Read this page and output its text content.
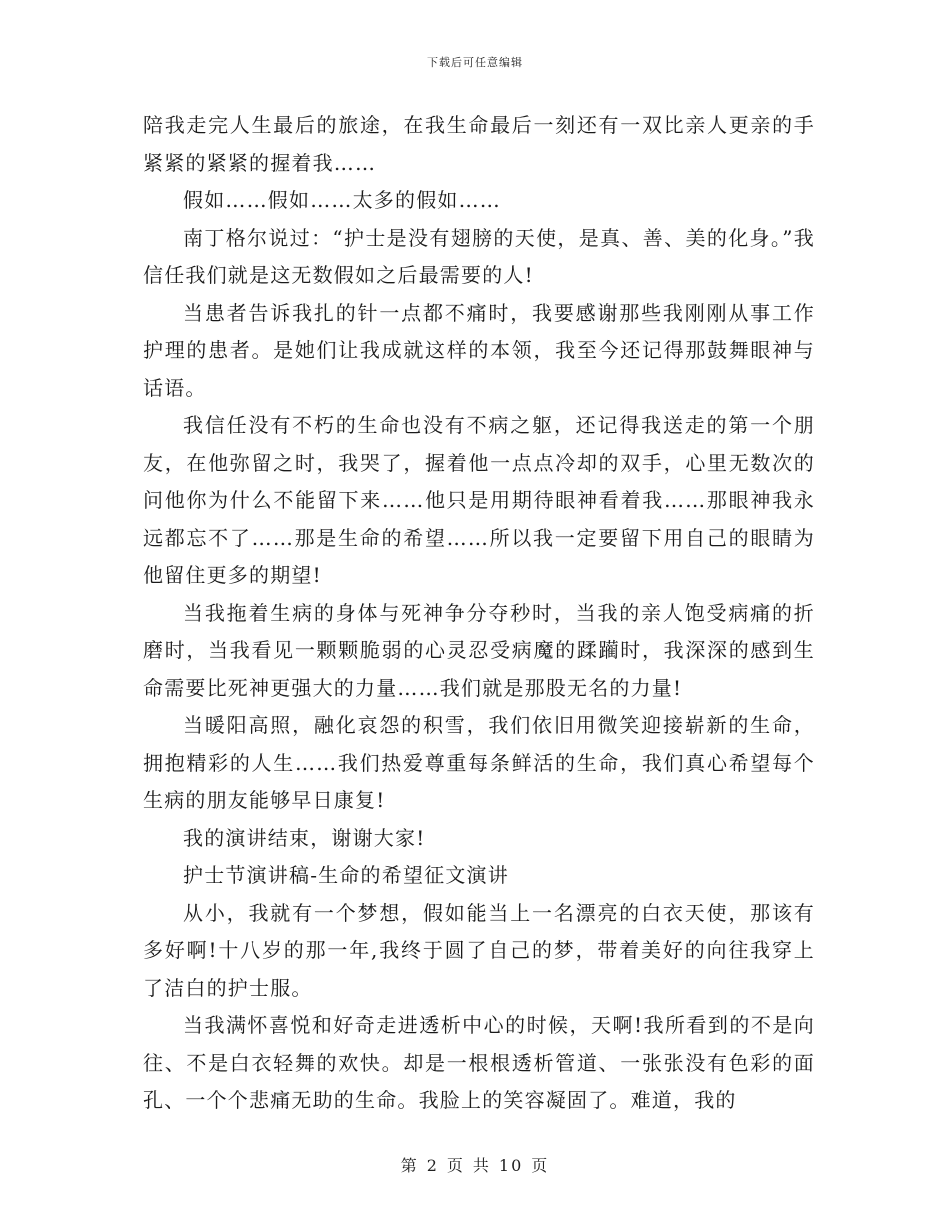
下载后可任意编辑

陪我走完人生最后的旅途，在我生命最后一刻还有一双比亲人更亲的手紧紧的紧紧的握着我……

假如……假如……太多的假如……

南丁格尔说过：“护士是没有翅膀的天使，是真、善、美的化身。”我信任我们就是这无数假如之后最需要的人!

当患者告诉我扎的针一点都不痛时，我要感谢那些我刚刚从事工作护理的患者。是她们让我成就这样的本领，我至今还记得那鼓舞眼神与话语。

我信任没有不朽的生命也没有不病之躯，还记得我送走的第一个朋友，在他弥留之时，我哭了，握着他一点点冷却的双手，心里无数次的问他你为什么不能留下来……他只是用期待眼神看着我……那眼神我永远都忘不了……那是生命的希望……所以我一定要留下用自己的眼睛为他留住更多的期望!

当我拖着生病的身体与死神争分夺秒时，当我的亲人饱受病痛的折磨时，当我看见一颗颗脆弱的心灵忍受病魔的蹂躏时，我深深的感到生命需要比死神更强大的力量……我们就是那股无名的力量!

当暖阳高照，融化哀怨的积雪，我们依旧用微笑迎接崭新的生命，拥抱精彩的人生……我们热爱尊重每条鲜活的生命，我们真心希望每个生病的朋友能够早日康复!

我的演讲结束，谢谢大家!

护士节演讲稿-生命的希望征文演讲

从小，我就有一个梦想，假如能当上一名漂亮的白衣天使，那该有多好啊!十八岁的那一年,我终于圆了自己的梦，带着美好的向往我穿上了洁白的护士服。

当我满怀喜悦和好奇走进透析中心的时候，天啊!我所看到的不是向往、不是白衣轻舞的欢快。却是一根根透析管道、一张张没有色彩的面孔、一个个悲痛无助的生命。我脸上的笑容凝固了。难道，我的

第 2 页 共 10 页
